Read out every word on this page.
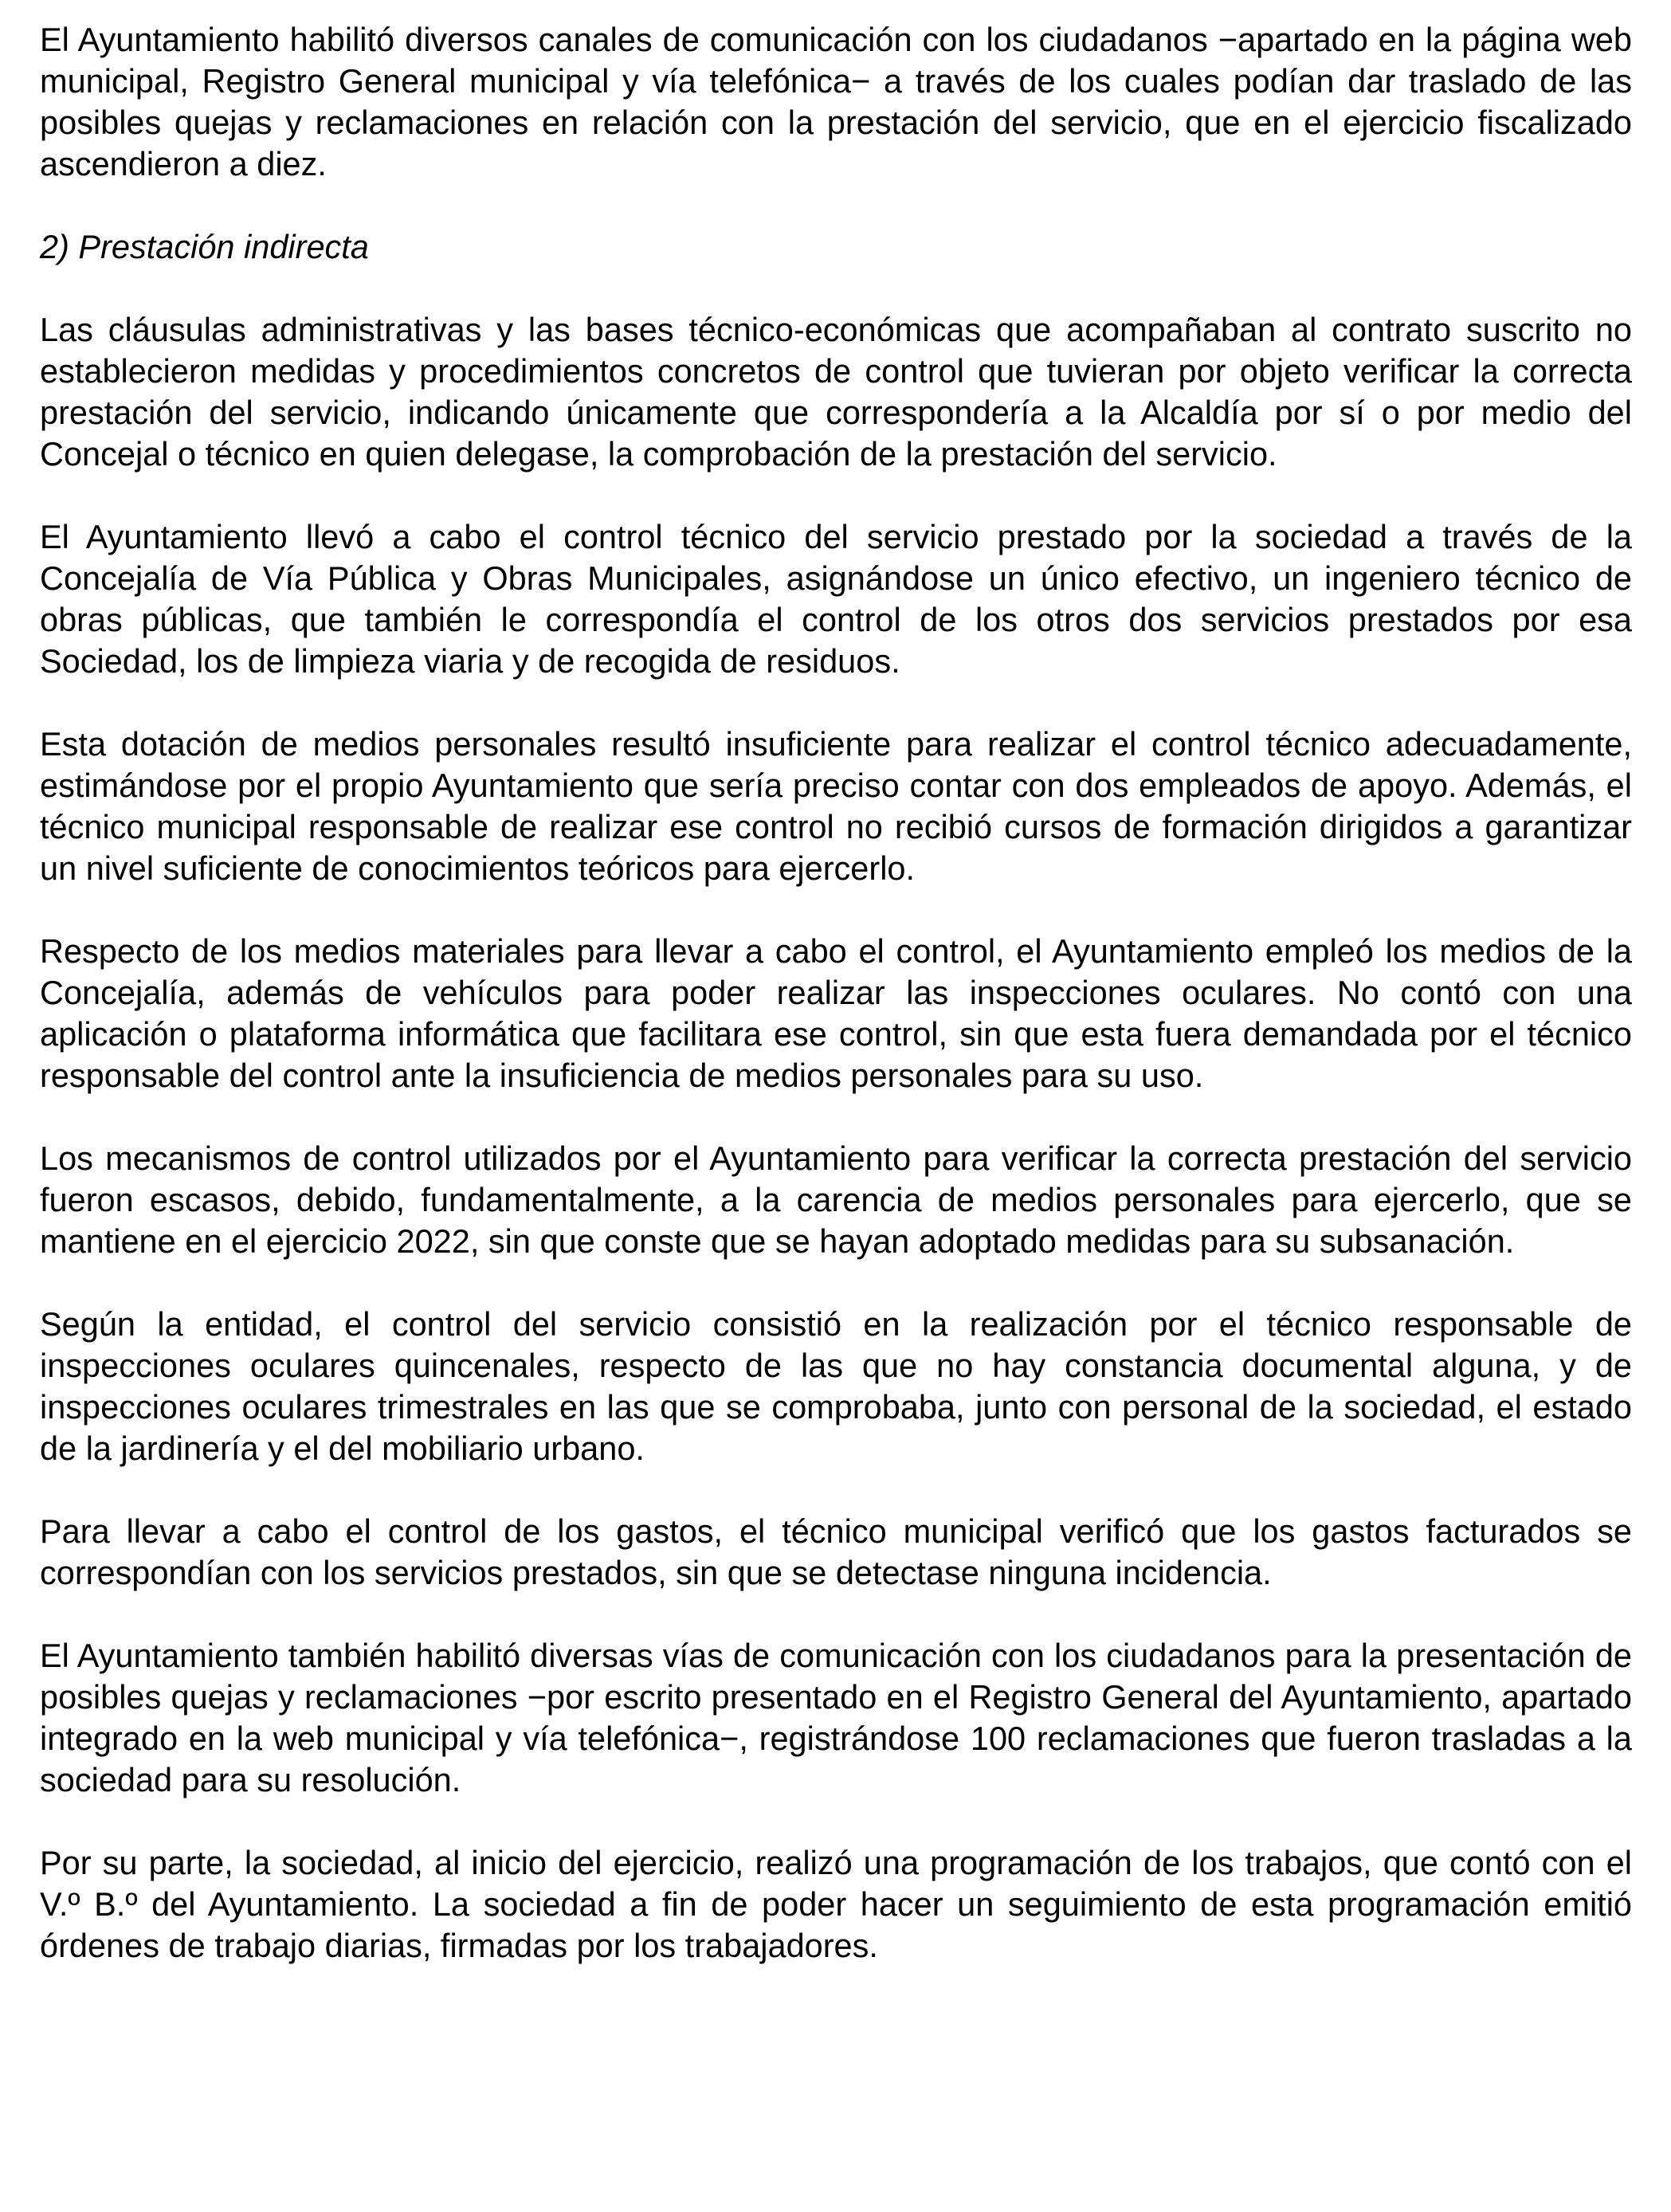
El Ayuntamiento habilitó diversos canales de comunicación con los ciudadanos −apartado en la página web municipal, Registro General municipal y vía telefónica− a través de los cuales podían dar traslado de las posibles quejas y reclamaciones en relación con la prestación del servicio, que en el ejercicio fiscalizado ascendieron a diez.

2) Prestación indirecta

Las cláusulas administrativas y las bases técnico-económicas que acompañaban al contrato suscrito no establecieron medidas y procedimientos concretos de control que tuvieran por objeto verificar la correcta prestación del servicio, indicando únicamente que correspondería a la Alcaldía por sí o por medio del Concejal o técnico en quien delegase, la comprobación de la prestación del servicio.

El Ayuntamiento llevó a cabo el control técnico del servicio prestado por la sociedad a través de la Concejalía de Vía Pública y Obras Municipales, asignándose un único efectivo, un ingeniero técnico de obras públicas, que también le correspondía el control de los otros dos servicios prestados por esa Sociedad, los de limpieza viaria y de recogida de residuos.

Esta dotación de medios personales resultó insuficiente para realizar el control técnico adecuadamente, estimándose por el propio Ayuntamiento que sería preciso contar con dos empleados de apoyo. Además, el técnico municipal responsable de realizar ese control no recibió cursos de formación dirigidos a garantizar un nivel suficiente de conocimientos teóricos para ejercerlo.

Respecto de los medios materiales para llevar a cabo el control, el Ayuntamiento empleó los medios de la Concejalía, además de vehículos para poder realizar las inspecciones oculares. No contó con una aplicación o plataforma informática que facilitara ese control, sin que esta fuera demandada por el técnico responsable del control ante la insuficiencia de medios personales para su uso.

Los mecanismos de control utilizados por el Ayuntamiento para verificar la correcta prestación del servicio fueron escasos, debido, fundamentalmente, a la carencia de medios personales para ejercerlo, que se mantiene en el ejercicio 2022, sin que conste que se hayan adoptado medidas para su subsanación.

Según la entidad, el control del servicio consistió en la realización por el técnico responsable de inspecciones oculares quincenales, respecto de las que no hay constancia documental alguna, y de inspecciones oculares trimestrales en las que se comprobaba, junto con personal de la sociedad, el estado de la jardinería y el del mobiliario urbano.

Para llevar a cabo el control de los gastos, el técnico municipal verificó que los gastos facturados se correspondían con los servicios prestados, sin que se detectase ninguna incidencia.

El Ayuntamiento también habilitó diversas vías de comunicación con los ciudadanos para la presentación de posibles quejas y reclamaciones −por escrito presentado en el Registro General del Ayuntamiento, apartado integrado en la web municipal y vía telefónica−, registrándose 100 reclamaciones que fueron trasladas a la sociedad para su resolución.

Por su parte, la sociedad, al inicio del ejercicio, realizó una programación de los trabajos, que contó con el V.º B.º del Ayuntamiento. La sociedad a fin de poder hacer un seguimiento de esta programación emitió órdenes de trabajo diarias, firmadas por los trabajadores.
